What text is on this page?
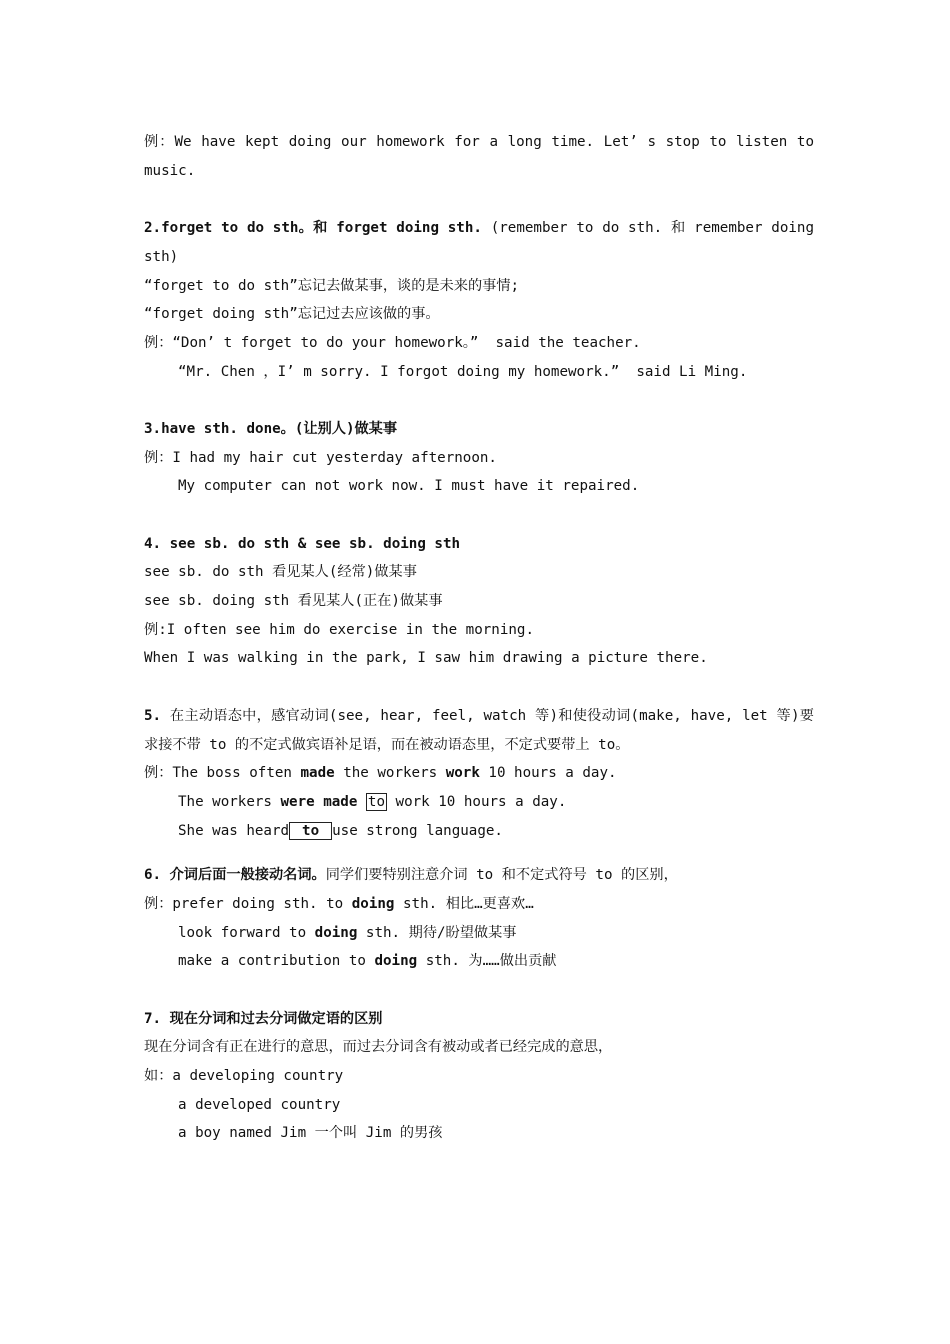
例：We have kept doing our homework for a long time. Let’ s stop to listen to music.
2.forget to do sth。和 forget doing sth. (remember to do sth. 和 remember doing sth)
“forget to do sth”忘记去做某事，谈的是未来的事情;
“forget doing sth”忘记过去应该做的事。
例：“Don’ t forget to do your homework。”  said the teacher.
“Mr. Chen ，I’ m sorry. I forgot doing my homework.”  said Li Ming.
3.have sth. done。(让别人)做某事
例：I had my hair cut yesterday afternoon.
My computer can not work now. I must have it repaired.
4. see sb. do sth & see sb. doing sth
see sb. do sth 看见某人(经常)做某事
see sb. doing sth 看见某人(正在)做某事
例:I often see him do exercise in the morning.
When I was walking in the park, I saw him drawing a picture there.
5. 在主动语态中，感官动词(see, hear, feel, watch 等)和使役动词(make, have, let 等)要求接不带 to 的不定式做宾语补足语，而在被动语态里，不定式要带上 to。
例：The boss often made the workers work 10 hours a day.
The workers were made to work 10 hours a day.
She was heard to use strong language.
6. 介词后面一般接动名词。同学们要特别注意介词 to 和不定式符号 to 的区别，
例：prefer doing sth. to doing sth. 相比…更喜欢…
look forward to doing sth. 期待/盼望做某事
make a contribution to doing sth. 为……做出贡献
7. 现在分词和过去分词做定语的区别
现在分词含有正在进行的意思，而过去分词含有被动或者已经完成的意思，
如：a developing country
a developed country
a boy named Jim 一个叫 Jim 的男孩
